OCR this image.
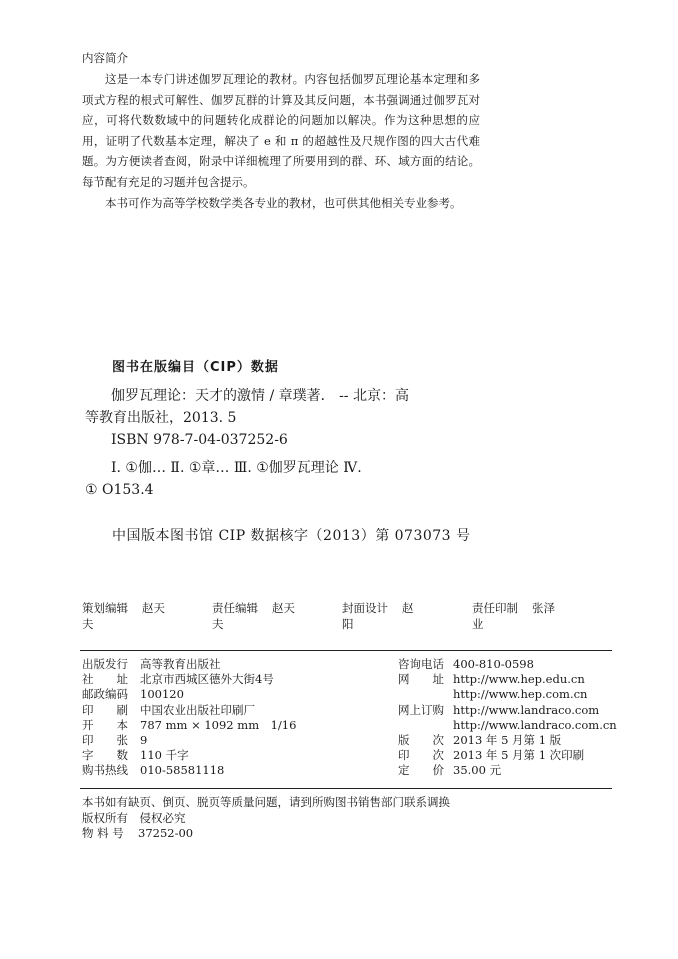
内容简介

这是一本专门讲述伽罗瓦理论的教材。内容包括伽罗瓦理论基本定理和多项式方程的根式可解性、伽罗瓦群的计算及其反问题，本书强调通过伽罗瓦对应，可将代数数域中的问题转化成群论的问题加以解决。作为这种思想的应用，证明了代数基本定理，解决了 e 和 π 的超越性及尺规作图的四大古代难题。为方便读者查阅，附录中详细梳理了所要用到的群、环、域方面的结论。每节配有充足的习题并包含提示。

本书可作为高等学校数学类各专业的教材，也可供其他相关专业参考。

图书在版编目（CIP）数据

伽罗瓦理论：天才的激情 / 章璞著． -- 北京：高

等教育出版社，2013. 5

ISBN 978-7-04-037252-6

Ⅰ. ①伽… Ⅱ. ①章… Ⅲ. ①伽罗瓦理论 Ⅳ.

① O153.4

中国版本图书馆 CIP 数据核字（2013）第 073073 号
策划编辑 赵天夫
责任编辑 赵天夫
封面设计 赵　阳
责任印制 张泽业
出版发行	高等教育出版社
社　　址	北京市西城区德外大街4号
邮政编码	100120
印　　刷	中国农业出版社印刷厂
开　　本	787 mm × 1092 mm　1/16
印　　张	9
字　　数	110 千字
购书热线	010-58581118
咨询电话 400-810-0598
网　　址 http://www.hep.edu.cn
http://www.hep.com.cn
网上订购 http://www.landraco.com
http://www.landraco.com.cn
版　　次 2013 年 5 月第 1 版
印　　次 2013 年 5 月第 1 次印刷
定　　价 35.00 元
本书如有缺页、倒页、脱页等质量问题，请到所购图书销售部门联系调换
版权所有　侵权必究
物 料 号	37252-00
